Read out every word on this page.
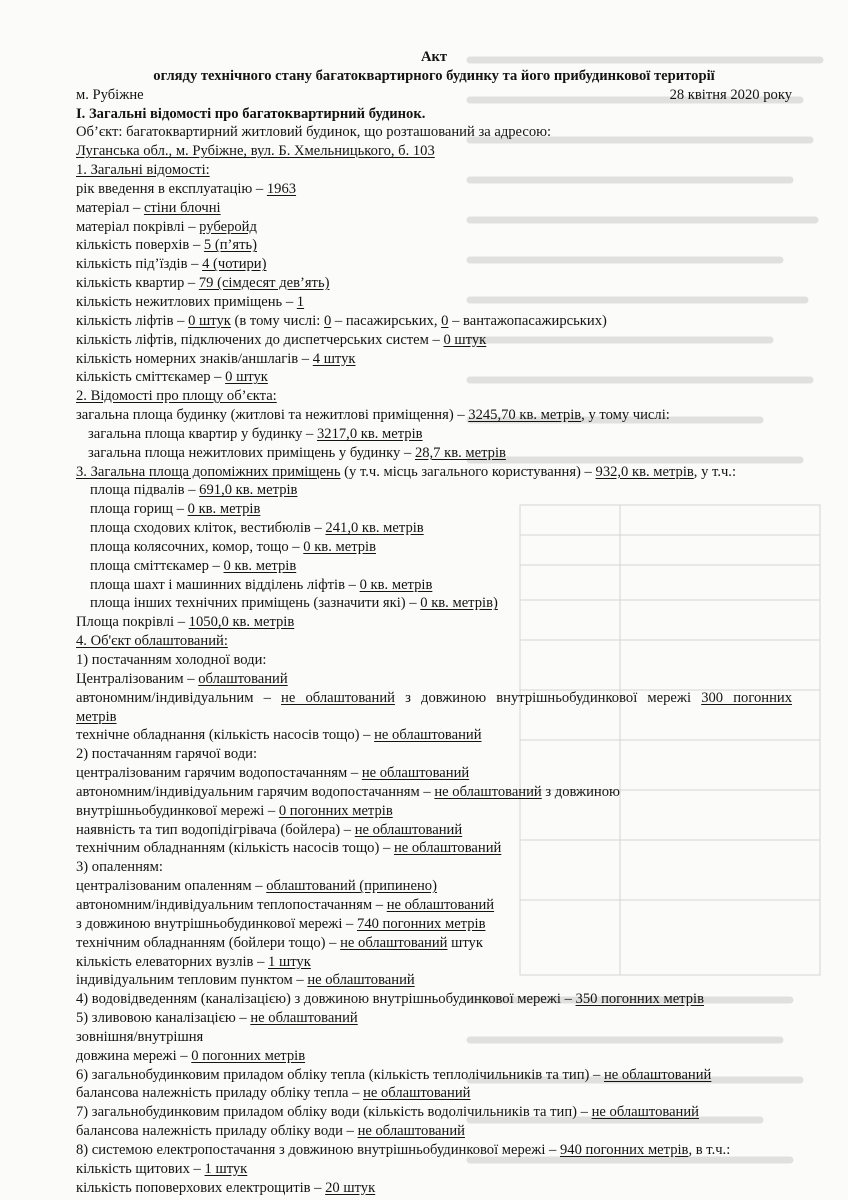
Акт
огляду технічного стану багатоквартирного будинку та його прибудинкової території
м. Рубіжне	28 квітня 2020 року
I. Загальні відомості про багатоквартирний будинок.
Об’єкт: багатоквартирний житловий будинок, що розташований за адресою:
Луганська обл., м. Рубіжне, вул. Б. Хмельницького, б. 103
1. Загальні відомості:
рік введення в експлуатацію – 1963
матеріал – стіни блочні
матеріал покрівлі – руберойд
кількість поверхів – 5 (п’ять)
кількість під’їздів – 4 (чотири)
кількість квартир – 79 (сімдесят дев’ять)
кількість нежитлових приміщень – 1
кількість ліфтів – 0 штук (в тому числі: 0 – пасажирських, 0 – вантажопасажирських)
кількість ліфтів, підключених до диспетчерських систем – 0 штук
кількість номерних знаків/аншлагів – 4 штук
кількість сміттєкамер – 0 штук
2. Відомості про площу об’єкта:
загальна площа будинку (житлові та нежитлові приміщення) – 3245,70 кв. метрів, у тому числі:
загальна площа квартир у будинку – 3217,0 кв. метрів
загальна площа нежитлових приміщень у будинку – 28,7 кв. метрів
3. Загальна площа допоміжних приміщень (у т.ч. місць загального користування) – 932,0 кв. метрів, у т.ч.:
площа підвалів – 691,0 кв. метрів
площа горищ – 0 кв. метрів
площа сходових кліток, вестибюлів – 241,0 кв. метрів
площа колясочних, комор, тощо – 0 кв. метрів
площа сміттєкамер – 0 кв. метрів
площа шахт і машинних відділень ліфтів – 0 кв. метрів
площа інших технічних приміщень (зазначити які) – 0 кв. метрів)
Площа покрівлі – 1050,0 кв. метрів
4. Об'єкт облаштований:
1) постачанням холодної води:
Централізованим – облаштований
автономним/індивідуальним – не облаштований з довжиною внутрішньобудинкової мережі 300 погонних
метрів
технічне обладнання (кількість насосів тощо) – не облаштований
2) постачанням гарячої води:
централізованим гарячим водопостачанням – не облаштований
автономним/індивідуальним гарячим водопостачанням – не облаштований з довжиною
внутрішньобудинкової мережі – 0 погонних метрів
наявність та тип водопідігрівача (бойлера) – не облаштований
технічним обладнанням (кількість насосів тощо) – не облаштований
3) опаленням:
централізованим опаленням – облаштований (припинено)
автономним/індивідуальним теплопостачанням – не облаштований
з довжиною внутрішньобудинкової мережі – 740 погонних метрів
технічним обладнанням (бойлери тощо) – не облаштований штук
кількість елеваторних вузлів – 1 штук
індивідуальним тепловим пунктом – не облаштований
4) водовідведенням (каналізацією) з довжиною внутрішньобудинкової мережі – 350 погонних метрів
5) зливовою каналізацією – не облаштований
зовнішня/внутрішня
довжина мережі – 0 погонних метрів
6) загальнобудинковим приладом обліку тепла (кількість теплолічильників та тип) – не облаштований
балансова належність приладу обліку тепла – не облаштований
7) загальнобудинковим приладом обліку води (кількість водолічильників та тип) – не облаштований
балансова належність приладу обліку води – не облаштований
8) системою електропостачання з довжиною внутрішньобудинкової мережі – 940 погонних метрів, в т.ч.:
кількість щитових – 1 штук
кількість поповерхових електрощитів – 20 штук
